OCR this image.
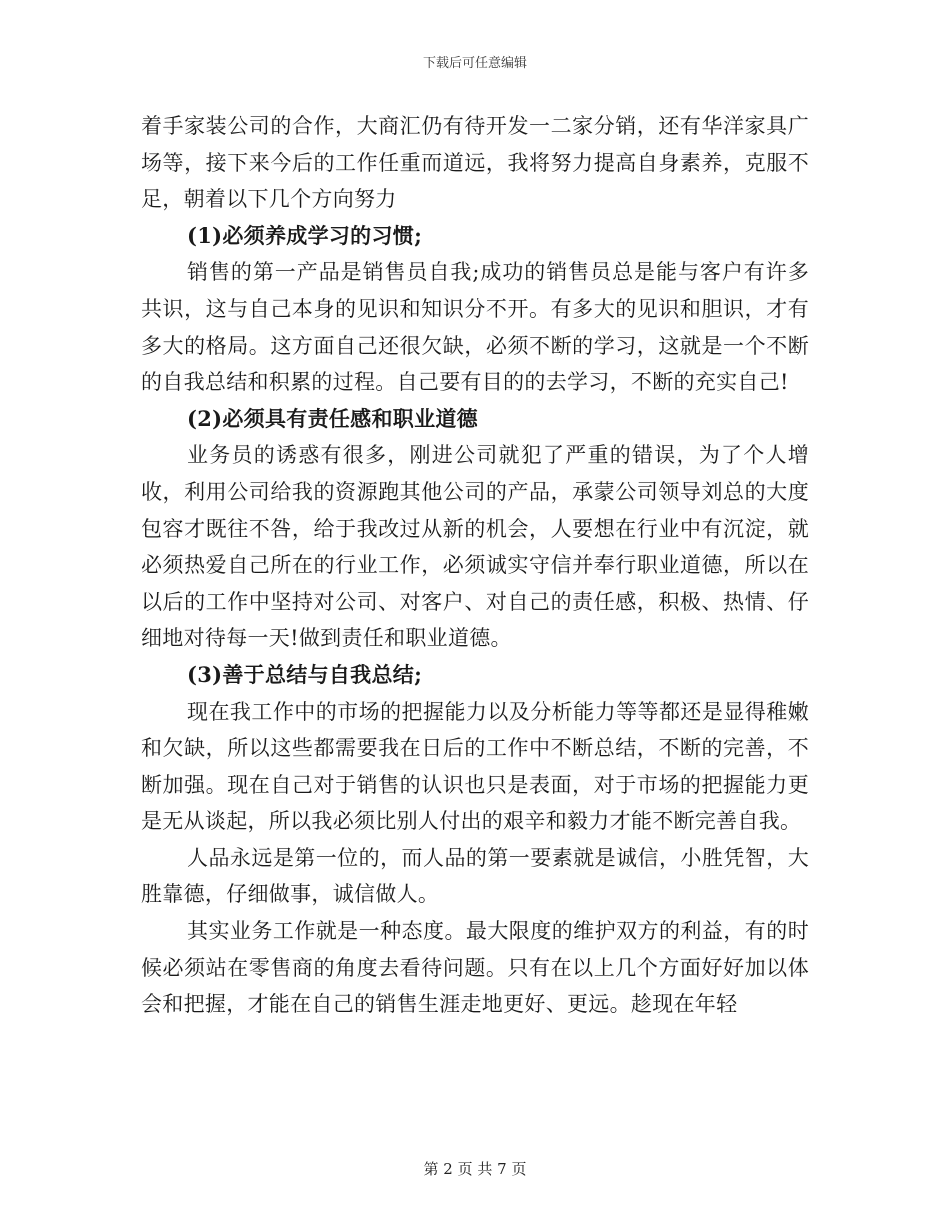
下载后可任意编辑

着手家装公司的合作，大商汇仍有待开发一二家分销，还有华洋家具广场等，接下来今后的工作任重而道远，我将努力提高自身素养，克服不足，朝着以下几个方向努力

(1)必须养成学习的习惯;

销售的第一产品是销售员自我;成功的销售员总是能与客户有许多共识，这与自己本身的见识和知识分不开。有多大的见识和胆识，才有多大的格局。这方面自己还很欠缺，必须不断的学习，这就是一个不断的自我总结和积累的过程。自己要有目的的去学习，不断的充实自己!

(2)必须具有责任感和职业道德

业务员的诱惑有很多，刚进公司就犯了严重的错误，为了个人增收，利用公司给我的资源跑其他公司的产品，承蒙公司领导刘总的大度包容才既往不咎，给于我改过从新的机会，人要想在行业中有沉淀，就必须热爱自己所在的行业工作，必须诚实守信并奉行职业道德，所以在以后的工作中坚持对公司、对客户、对自己的责任感，积极、热情、仔细地对待每一天!做到责任和职业道德。

(3)善于总结与自我总结;

现在我工作中的市场的把握能力以及分析能力等等都还是显得稚嫩和欠缺，所以这些都需要我在日后的工作中不断总结，不断的完善，不断加强。现在自己对于销售的认识也只是表面，对于市场的把握能力更是无从谈起，所以我必须比别人付出的艰辛和毅力才能不断完善自我。

人品永远是第一位的，而人品的第一要素就是诚信，小胜凭智，大胜靠德，仔细做事，诚信做人。

其实业务工作就是一种态度。最大限度的维护双方的利益，有的时候必须站在零售商的角度去看待问题。只有在以上几个方面好好加以体会和把握，才能在自己的销售生涯走地更好、更远。趁现在年轻

第 2 页 共 7 页
